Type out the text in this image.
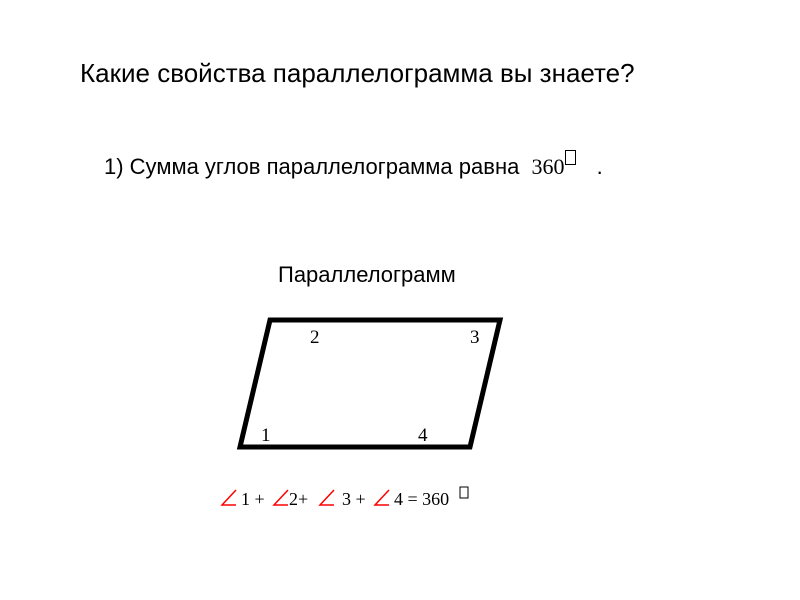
Какие свойства параллелограмма вы знаете?
1) Сумма углов параллелограмма равна 360 .
Параллелограмм
2	3
1	4
1 + 2+ 3 + 4 = 360
